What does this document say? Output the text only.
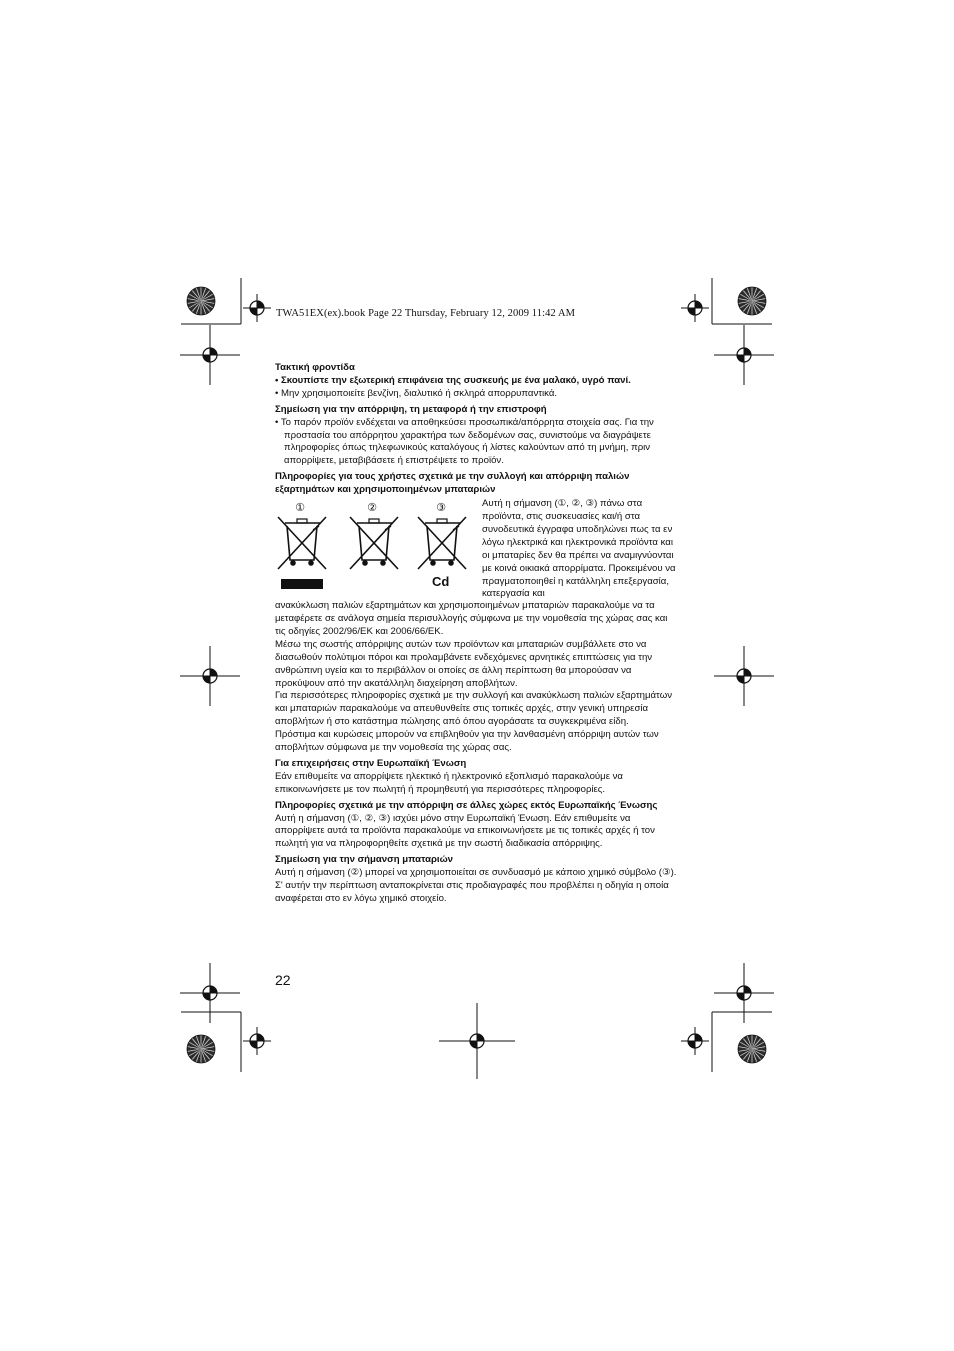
TWA51EX(ex).book Page 22 Thursday, February 12, 2009 11:42 AM

Τακτική φροντίδα

• Σκουπίστε την εξωτερική επιφάνεια της συσκευής με ένα μαλακό, υγρό πανί.

• Μην χρησιμοποιείτε βενζίνη, διαλυτικό ή σκληρά απορρυπαντικά.

Σημείωση για την απόρριψη, τη μεταφορά ή την επιστροφή

• Το παρόν προϊόν ενδέχεται να αποθηκεύσει προσωπικά/απόρρητα στοιχεία σας. Για την προστασία του απόρρητου χαρακτήρα των δεδομένων σας, συνιστούμε να διαγράψετε πληροφορίες όπως τηλεφωνικούς καταλόγους ή λίστες καλούντων από τη μνήμη, πριν απορρίψετε, μεταβιβάσετε ή επιστρέψετε το προϊόν.

Πληροφορίες για τους χρήστες σχετικά με την συλλογή και απόρριψη παλιών εξαρτημάτων και χρησιμοποιημένων μπαταριών

①	②	③
Cd

Αυτή η σήμανση (①, ②, ③) πάνω στα προϊόντα, στις συσκευασίες και/ή στα συνοδευτικά έγγραφα υποδηλώνει πως τα εν λόγω ηλεκτρικά και ηλεκτρονικά προϊόντα και οι μπαταρίες δεν θα πρέπει να αναμιγνύονται με κοινά οικιακά απορρίματα. Προκειμένου να πραγματοποιηθεί η κατάλληλη επεξεργασία, κατεργασία και

ανακύκλωση παλιών εξαρτημάτων και χρησιμοποιημένων μπαταριών παρακαλούμε να τα μεταφέρετε σε ανάλογα σημεία περισυλλογής σύμφωνα με την νομοθεσία της χώρας σας και τις οδηγίες 2002/96/ΕΚ και 2006/66/ΕΚ.

Μέσω της σωστής απόρριψης αυτών των προϊόντων και μπαταριών συμβάλλετε στο να διασωθούν πολύτιμοι πόροι και προλαμβάνετε ενδεχόμενες αρνητικές επιπτώσεις για την ανθρώπινη υγεία και το περιβάλλον οι οποίες σε άλλη περίπτωση θα μπορούσαν να προκύψουν από την ακατάλληλη διαχείρηση αποβλήτων.

Για περισσότερες πληροφορίες σχετικά με την συλλογή και ανακύκλωση παλιών εξαρτημάτων και μπαταριών παρακαλούμε να απευθυνθείτε στις τοπικές αρχές, στην γενική υπηρεσία αποβλήτων ή στο κατάστημα πώλησης από όπου αγοράσατε τα συγκεκριμένα είδη.

Πρόστιμα και κυρώσεις μπορούν να επιβληθούν για την λανθασμένη απόρριψη αυτών των αποβλήτων σύμφωνα με την νομοθεσία της χώρας σας.

Για επιχειρήσεις στην Ευρωπαϊκή Ένωση

Εάν επιθυμείτε να απορρίψετε ηλεκτικό ή ηλεκτρονικό εξοπλισμό παρακαλούμε να επικοινωνήσετε με τον πωλητή ή προμηθευτή για περισσότερες πληροφορίες.

Πληροφορίες σχετικά με την απόρριψη σε άλλες χώρες εκτός Ευρωπαϊκής Ένωσης

Αυτή η σήμανση (①, ②, ③) ισχύει μόνο στην Ευρωπαϊκή Ένωση. Εάν επιθυμείτε να απορρίψετε αυτά τα προϊόντα παρακαλούμε να επικοινωνήσετε με τις τοπικές αρχές ή τον πωλητή για να πληροφορηθείτε σχετικά με την σωστή διαδικασία απόρριψης.

Σημείωση για την σήμανση μπαταριών

Αυτή η σήμανση (②) μπορεί να χρησιμοποιείται σε συνδυασμό με κάποιο χημικό σύμβολο (③). Σ' αυτήν την περίπτωση ανταποκρίνεται στις προδιαγραφές που προβλέπει η οδηγία η οποία αναφέρεται στο εν λόγω χημικό στοιχείο.

22
